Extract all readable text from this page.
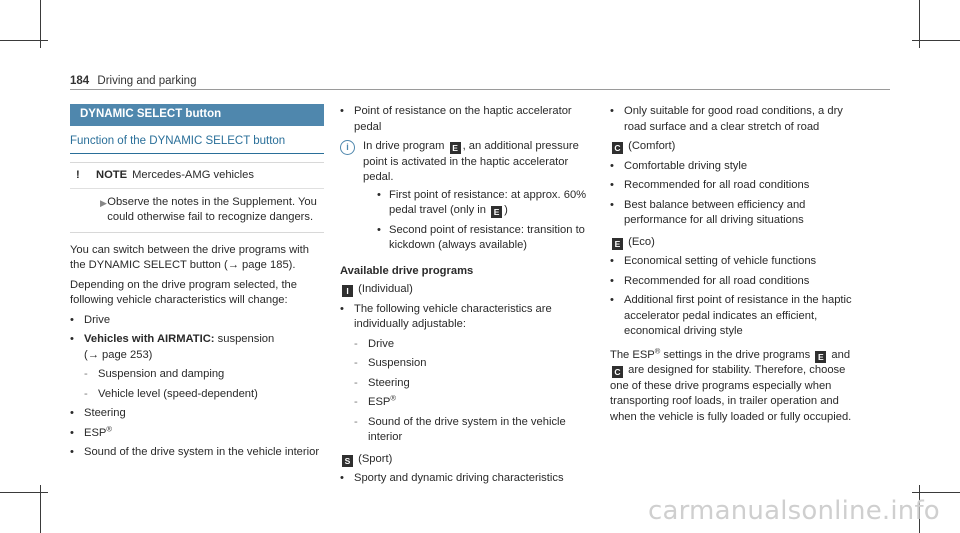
184 Driving and parking
DYNAMIC SELECT button
Function of the DYNAMIC SELECT button
!	NOTE Mercedes-AMG vehicles
▶ Observe the notes in the Supplement. You could otherwise fail to recognize dangers.

You can switch between the drive programs with the DYNAMIC SELECT button (→ page 185).

Depending on the drive program selected, the following vehicle characteristics will change:

• Drive
• Vehicles with AIRMATIC: suspension
(→ page 253)
- Suspension and damping
- Vehicle level (speed-dependent)
• Steering
• ESP®
• Sound of the drive system in the vehicle interior
• Point of resistance on the haptic accelerator pedal
i	In drive program E , an additional pressure point is activated in the haptic accelerator pedal.
• First point of resistance: at approx. 60% pedal travel (only in E )
• Second point of resistance: transition to kickdown (always available)
Available drive programs

I (Individual)

• The following vehicle characteristics are individually adjustable:
- Drive
- Suspension
- Steering
- ESP®
- Sound of the drive system in the vehicle interior

S (Sport)

• Sporty and dynamic driving characteristics
• Only suitable for good road conditions, a dry road surface and a clear stretch of road

C (Comfort)

• Comfortable driving style
• Recommended for all road conditions
• Best balance between efficiency and performance for all driving situations

E (Eco)

• Economical setting of vehicle functions
• Recommended for all road conditions
• Additional first point of resistance in the haptic accelerator pedal indicates an efficient, economical driving style

The ESP® settings in the drive programs E and C are designed for stability. Therefore, choose one of these drive programs especially when transporting roof loads, in trailer operation and when the vehicle is fully loaded or fully occupied.

carmanualsonline.info
